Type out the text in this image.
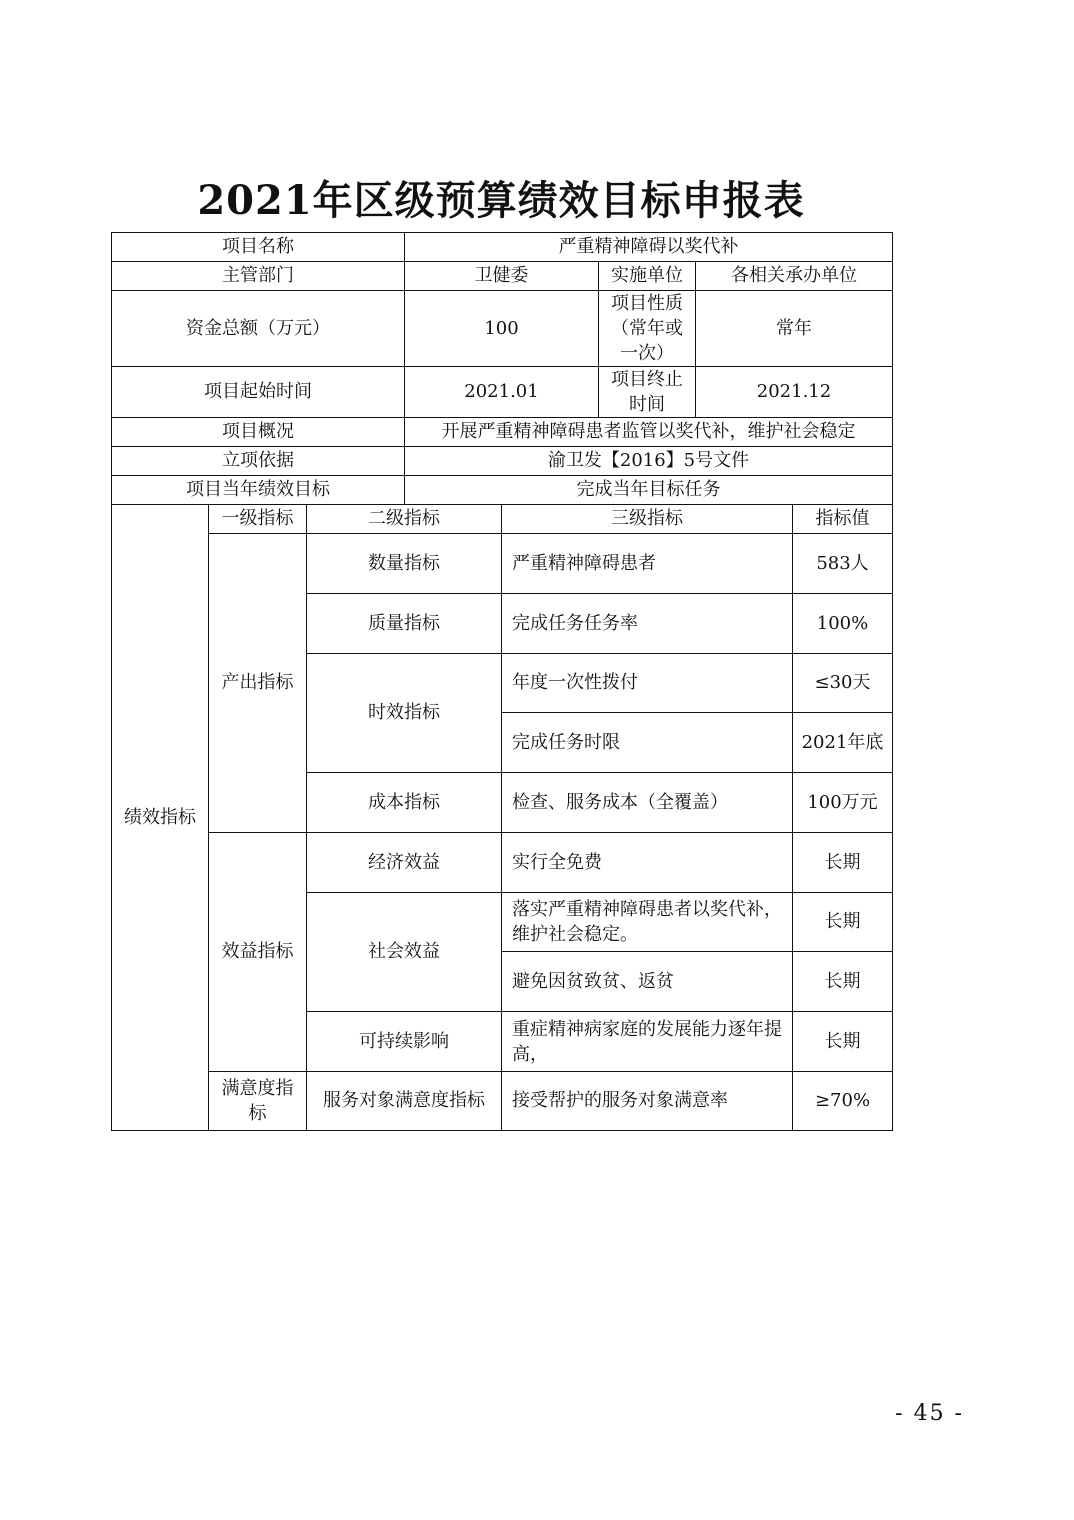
2021年区级预算绩效目标申报表
项目名称			严重精神障碍以奖代补				
主管部门			卫健委		实施单位	各相关承办单位	
资金总额（万元）			100		项目性质（常年或一次）	常年	
项目起始时间			2021.01		项目终止时间	2021.12	
项目概况			开展严重精神障碍患者监管以奖代补，维护社会稳定				
立项依据			渝卫发【2016】5号文件				
项目当年绩效目标			完成当年目标任务				
绩效指标	一级指标	二级指标		三级指标			指标值
	产出指标	数量指标		严重精神障碍患者			583人
		质量指标		完成任务任务率			100%
		时效指标		年度一次性拨付			≤30天
				完成任务时限			2021年底
		成本指标		检查、服务成本（全覆盖）			100万元
	效益指标	经济效益		实行全免费			长期
		社会效益		落实严重精神障碍患者以奖代补，维护社会稳定。			长期
				避免因贫致贫、返贫			长期
		可持续影响		重症精神病家庭的发展能力逐年提高，			长期
	满意度指标	服务对象满意度指标		接受帮护的服务对象满意率			≥70%
- 45 -
